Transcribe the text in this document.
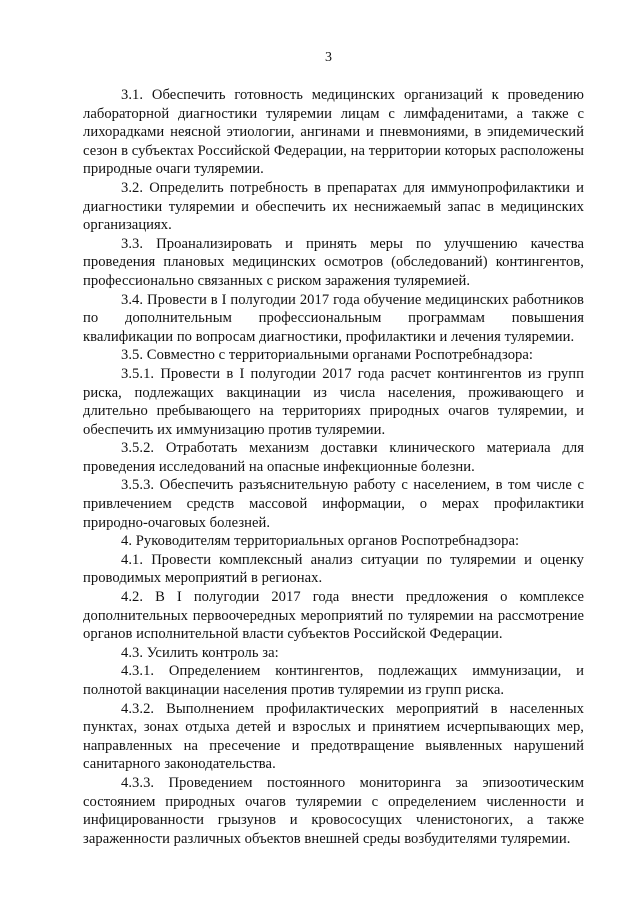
3

3.1. Обеспечить готовность медицинских организаций к проведению лабораторной диагностики туляремии лицам с лимфаденитами, а также с лихорадками неясной этиологии, ангинами и пневмониями, в эпидемический сезон в субъектах Российской Федерации, на территории которых расположены природные очаги туляремии.

3.2. Определить потребность в препаратах для иммунопрофилактики и диагностики туляремии и обеспечить их неснижаемый запас в медицинских организациях.

3.3. Проанализировать и принять меры по улучшению качества проведения плановых медицинских осмотров (обследований) контингентов, профессионально связанных с риском заражения туляремией.

3.4. Провести в I полугодии 2017 года обучение медицинских работников по дополнительным профессиональным программам повышения квалификации по вопросам диагностики, профилактики и лечения туляремии.

3.5. Совместно с территориальными органами Роспотребнадзора:

3.5.1. Провести в I полугодии 2017 года расчет контингентов из групп риска, подлежащих вакцинации из числа населения, проживающего и длительно пребывающего на территориях природных очагов туляремии, и обеспечить их иммунизацию против туляремии.

3.5.2. Отработать механизм доставки клинического материала для проведения исследований на опасные инфекционные болезни.

3.5.3. Обеспечить разъяснительную работу с населением, в том числе с привлечением средств массовой информации, о мерах профилактики природно-очаговых болезней.

4. Руководителям территориальных органов Роспотребнадзора:

4.1. Провести комплексный анализ ситуации по туляремии и оценку проводимых мероприятий в регионах.

4.2. В I полугодии 2017 года внести предложения о комплексе дополнительных первоочередных мероприятий по туляремии на рассмотрение органов исполнительной власти субъектов Российской Федерации.

4.3. Усилить контроль за:

4.3.1. Определением контингентов, подлежащих иммунизации, и полнотой вакцинации населения против туляремии из групп риска.

4.3.2. Выполнением профилактических мероприятий в населенных пунктах, зонах отдыха детей и взрослых и принятием исчерпывающих мер, направленных на пресечение и предотвращение выявленных нарушений санитарного законодательства.

4.3.3. Проведением постоянного мониторинга за эпизоотическим состоянием природных очагов туляремии с определением численности и инфицированности грызунов и кровососущих членистоногих, а также зараженности различных объектов внешней среды возбудителями туляремии.
